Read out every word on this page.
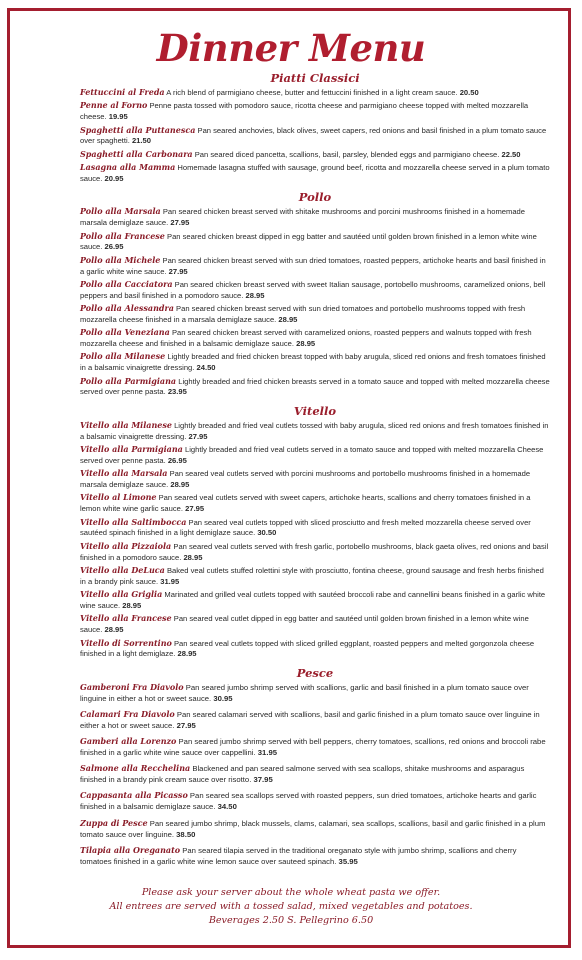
Dinner Menu
Piatti Classici
Fettuccini al Freda A rich blend of parmigiano cheese, butter and fettuccini finished in a light cream sauce. 20.50
Penne al Forno Penne pasta tossed with pomodoro sauce, ricotta cheese and parmigiano cheese topped with melted mozzarella cheese. 19.95
Spaghetti alla Puttanesca Pan seared anchovies, black olives, sweet capers, red onions and basil finished in a plum tomato sauce over spaghetti. 21.50
Spaghetti alla Carbonara Pan seared diced pancetta, scallions, basil, parsley, blended eggs and parmigiano cheese. 22.50
Lasagna alla Mamma Homemade lasagna stuffed with sausage, ground beef, ricotta and mozzarella cheese served in a plum tomato sauce. 20.95
Pollo
Pollo alla Marsala Pan seared chicken breast served with shitake mushrooms and porcini mushrooms finished in a homemade marsala demiglaze sauce. 27.95
Pollo alla Francese Pan seared chicken breast dipped in egg batter and sautéed until golden brown finished in a lemon white wine sauce. 26.95
Pollo alla Michele Pan seared chicken breast served with sun dried tomatoes, roasted peppers, artichoke hearts and basil finished in a garlic white wine sauce. 27.95
Pollo alla Cacciatora Pan seared chicken breast served with sweet Italian sausage, portobello mushrooms, caramelized onions, bell peppers and basil finished in a pomodoro sauce. 28.95
Pollo alla Alessandra Pan seared chicken breast served with sun dried tomatoes and portobello mushrooms topped with fresh mozzarella cheese finished in a marsala demiglaze sauce. 28.95
Pollo alla Veneziana Pan seared chicken breast served with caramelized onions, roasted peppers and walnuts topped with fresh mozzarella cheese and finished in a balsamic demiglaze sauce. 28.95
Pollo alla Milanese Lightly breaded and fried chicken breast topped with baby arugula, sliced red onions and fresh tomatoes finished in a balsamic vinaigrette dressing. 24.50
Pollo alla Parmigiana Lightly breaded and fried chicken breasts served in a tomato sauce and topped with melted mozzarella cheese served over penne pasta. 23.95
Vitello
Vitello alla Milanese Lightly breaded and fried veal cutlets tossed with baby arugula, sliced red onions and fresh tomatoes finished in a balsamic vinaigrette dressing. 27.95
Vitello alla Parmigiana Lightly breaded and fried veal cutlets served in a tomato sauce and topped with melted mozzarella Cheese served over penne pasta. 26.95
Vitello alla Marsala Pan seared veal cutlets served with porcini mushrooms and portobello mushrooms finished in a homemade marsala demiglaze sauce. 28.95
Vitello al Limone Pan seared veal cutlets served with sweet capers, artichoke hearts, scallions and cherry tomatoes finished in a lemon white wine garlic sauce. 27.95
Vitello alla Saltimbocca Pan seared veal cutlets topped with sliced prosciutto and fresh melted mozzarella cheese served over sautéed spinach finished in a light demiglaze sauce. 30.50
Vitello alla Pizzaiola Pan seared veal cutlets served with fresh garlic, portobello mushrooms, black gaeta olives, red onions and basil finished in a pomodoro sauce. 28.95
Vitello alla DeLuca Baked veal cutlets stuffed rolettini style with prosciutto, fontina cheese, ground sausage and fresh herbs finished in a brandy pink sauce. 31.95
Vitello alla Griglia Marinated and grilled veal cutlets topped with sautéed broccoli rabe and cannellini beans finished in a garlic white wine sauce. 28.95
Vitello alla Francese Pan seared veal cutlet dipped in egg batter and sautéed until golden brown finished in a lemon white wine sauce. 28.95
Vitello di Sorrentino Pan seared veal cutlets topped with sliced grilled eggplant, roasted peppers and melted gorgonzola cheese finished in a light demiglaze. 28.95
Pesce
Gamberoni Fra Diavolo Pan seared jumbo shrimp served with scallions, garlic and basil finished in a plum tomato sauce over linguine in either a hot or sweet sauce. 30.95
Calamari Fra Diavolo Pan seared calamari served with scallions, basil and garlic finished in a plum tomato sauce over linguine in either a hot or sweet sauce. 27.95
Gamberi alla Lorenzo Pan seared jumbo shrimp served with bell peppers, cherry tomatoes, scallions, red onions and broccoli rabe finished in a garlic white wine sauce over cappellini. 31.95
Salmone alla Recchelina Blackened and pan seared salmone served with sea scallops, shitake mushrooms and asparagus finished in a brandy pink cream sauce over risotto. 37.95
Cappasanta alla Picasso Pan seared sea scallops served with roasted peppers, sun dried tomatoes, artichoke hearts and garlic finished in a balsamic demiglaze sauce. 34.50
Zuppa di Pesce Pan seared jumbo shrimp, black mussels, clams, calamari, sea scallops, scallions, basil and garlic finished in a plum tomato sauce over linguine. 38.50
Tilapia alla Oreganato Pan seared tilapia served in the traditional oreganato style with jumbo shrimp, scallions and cherry tomatoes finished in a garlic white wine lemon sauce over sauteed spinach. 35.95
Please ask your server about the whole wheat pasta we offer.
All entrees are served with a tossed salad, mixed vegetables and potatoes.
Beverages 2.50 S. Pellegrino 6.50
